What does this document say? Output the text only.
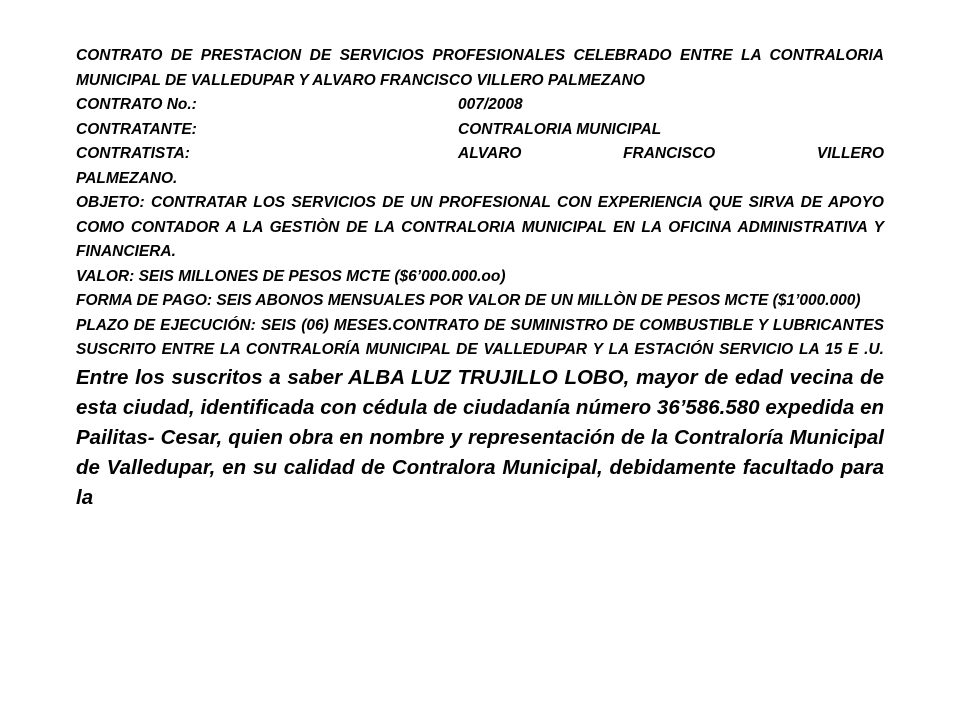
CONTRATO DE PRESTACION DE SERVICIOS PROFESIONALES CELEBRADO ENTRE LA CONTRALORIA MUNICIPAL DE VALLEDUPAR Y ALVARO FRANCISCO VILLERO PALMEZANO

CONTRATO No.:	007/2008
CONTRATANTE:	CONTRALORIA MUNICIPAL
CONTRATISTA:	ALVARO FRANCISCO VILLERO

PALMEZANO.

OBJETO: CONTRATAR LOS SERVICIOS DE UN PROFESIONAL CON EXPERIENCIA QUE SIRVA DE APOYO COMO CONTADOR A LA GESTIÒN DE LA CONTRALORIA MUNICIPAL EN LA OFICINA ADMINISTRATIVA Y FINANCIERA.

VALOR: SEIS MILLONES DE PESOS MCTE ($6’000.000.oo)

FORMA DE PAGO: SEIS ABONOS MENSUALES POR VALOR DE UN MILLÒN DE PESOS MCTE ($1’000.000)

PLAZO DE EJECUCIÓN: SEIS (06) MESES.CONTRATO DE SUMINISTRO DE COMBUSTIBLE Y LUBRICANTES SUSCRITO ENTRE LA CONTRALORÍA MUNICIPAL DE VALLEDUPAR Y LA ESTACIÓN SERVICIO LA 15 E .U. Entre los suscritos a saber ALBA LUZ TRUJILLO LOBO, mayor de edad vecina de esta ciudad, identificada con cédula de ciudadanía número 36’586.580 expedida en Pailitas- Cesar, quien obra en nombre y representación de la Contraloría Municipal de Valledupar, en su calidad de Contralora Municipal, debidamente facultado para la
